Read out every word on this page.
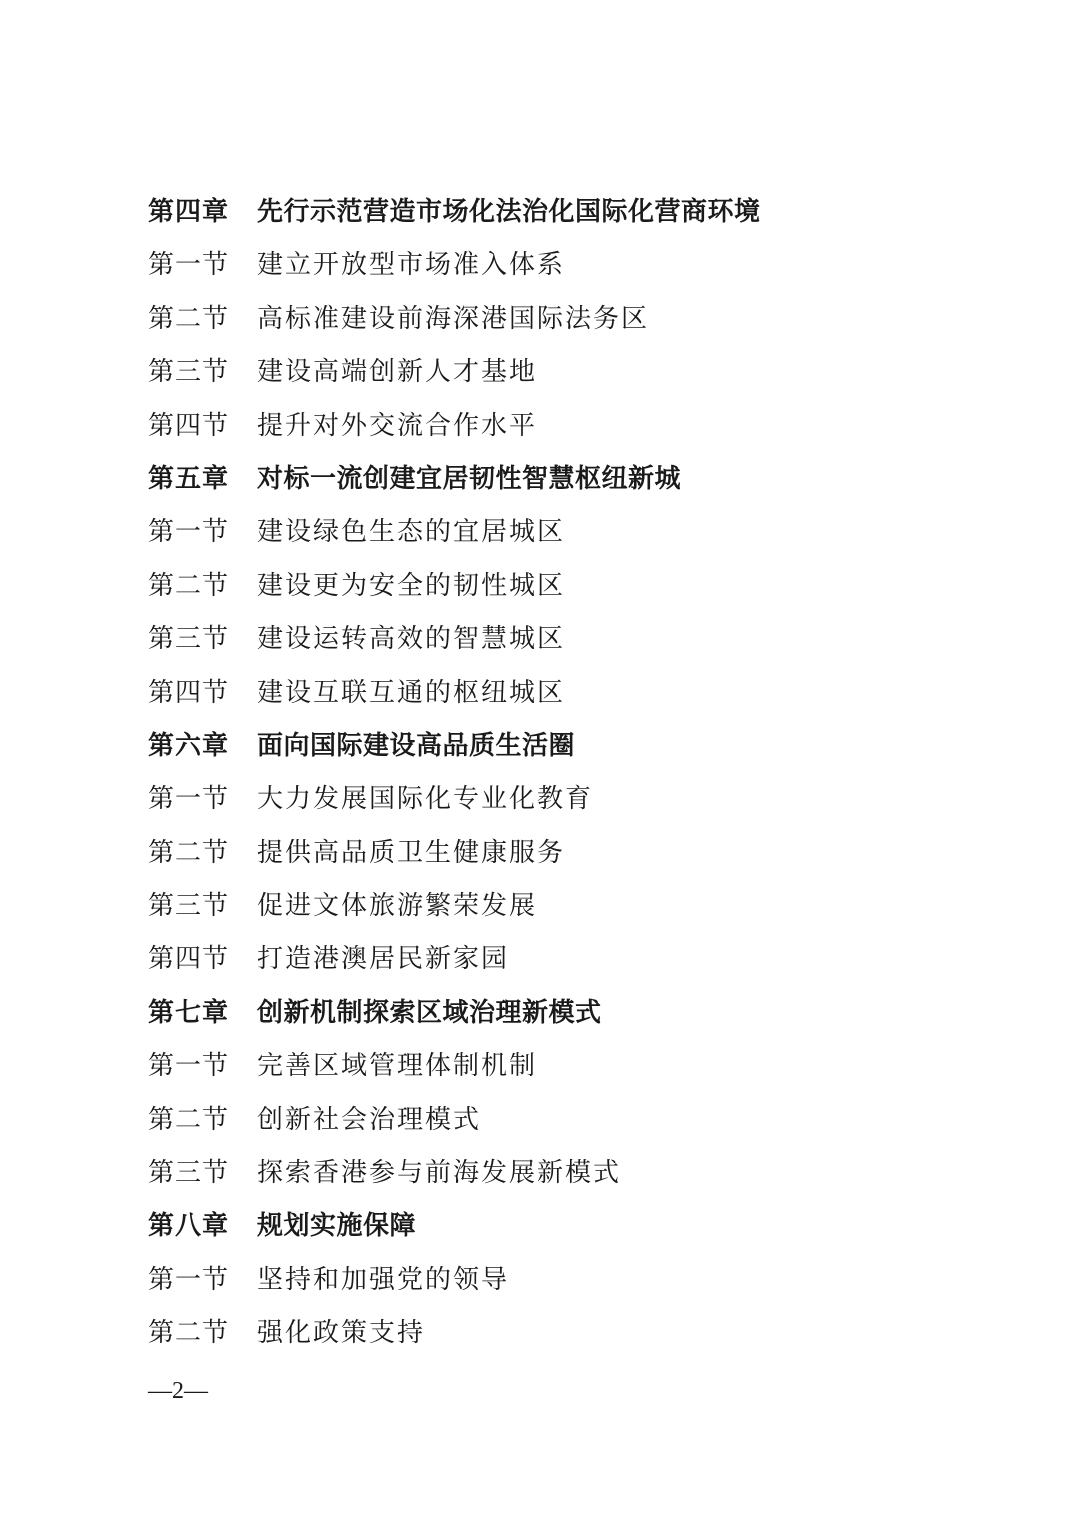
第四章	先行示范营造市场化法治化国际化营商环境
第一节	建立开放型市场准入体系
第二节	高标准建设前海深港国际法务区
第三节	建设高端创新人才基地
第四节	提升对外交流合作水平
第五章	对标一流创建宜居韧性智慧枢纽新城
第一节	建设绿色生态的宜居城区
第二节	建设更为安全的韧性城区
第三节	建设运转高效的智慧城区
第四节	建设互联互通的枢纽城区
第六章	面向国际建设高品质生活圈
第一节	大力发展国际化专业化教育
第二节	提供高品质卫生健康服务
第三节	促进文体旅游繁荣发展
第四节	打造港澳居民新家园
第七章	创新机制探索区域治理新模式
第一节	完善区域管理体制机制
第二节	创新社会治理模式
第三节	探索香港参与前海发展新模式
第八章	规划实施保障
第一节	坚持和加强党的领导
第二节	强化政策支持
—2—
